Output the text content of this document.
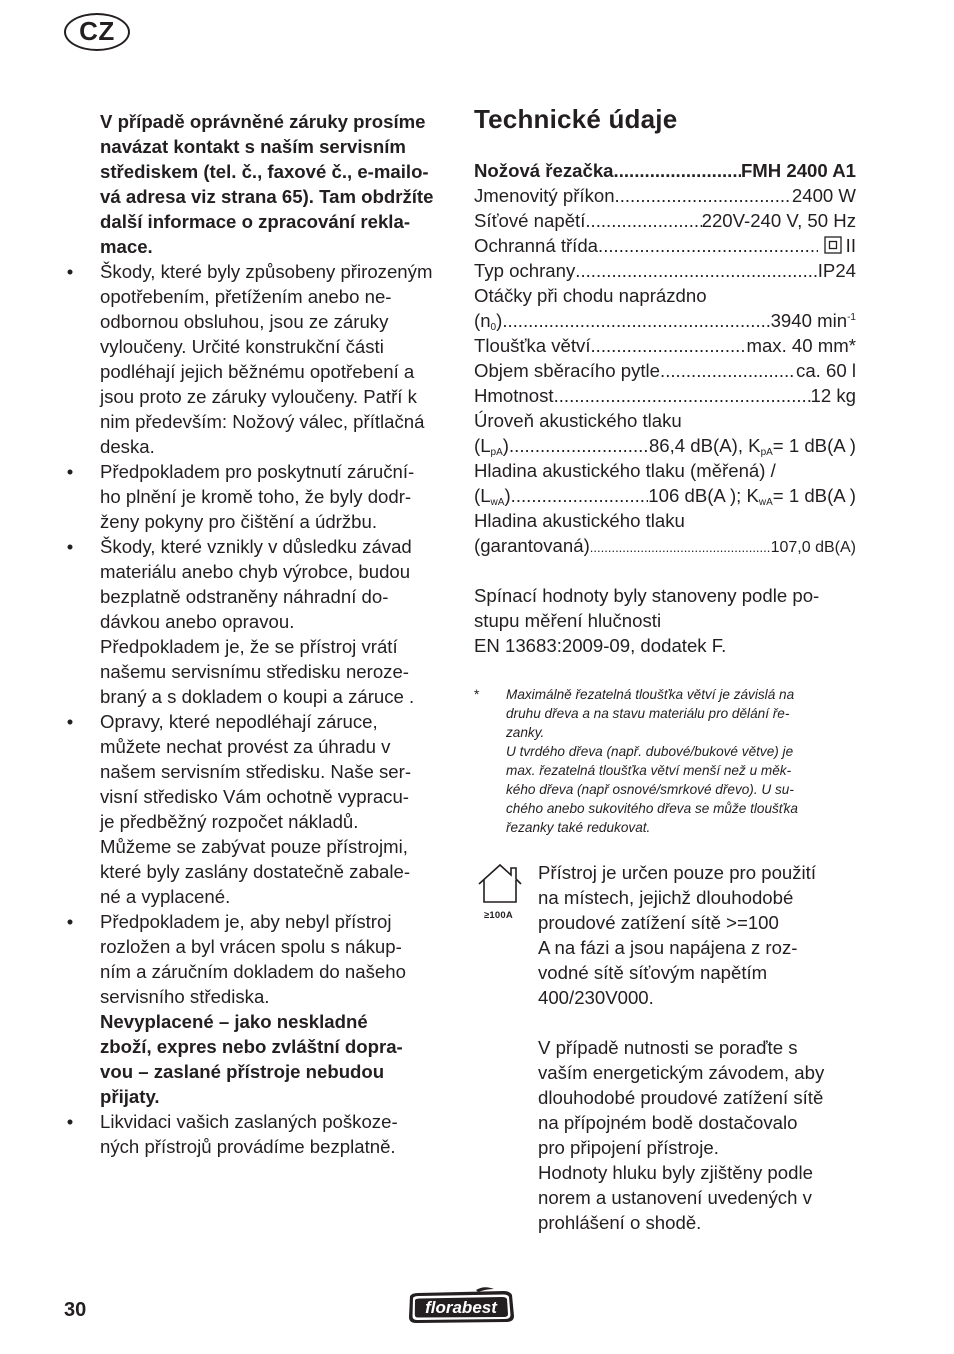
CZ
V případě oprávněné záruky prosíme
navázat kontakt s naším servisním
střediskem (tel. č., faxové č., e-mailo-
vá adresa viz strana 65). Tam obdržíte
další informace o zpracování rekla-
mace.
• Škody, které byly způsobeny přirozeným
opotřebením, přetížením anebo ne-
odbornou obsluhou, jsou ze záruky
vyloučeny. Určité konstrukční části
podléhají jejich běžnému opotřebení a
jsou proto ze záruky vyloučeny. Patří k
nim především: Nožový válec, přítlačná
deska.
• Předpokladem pro poskytnutí záruční-
ho plnění je kromě toho, že byly dodr-
ženy pokyny pro čištění a údržbu.
• Škody, které vznikly v důsledku závad
materiálu anebo chyb výrobce, budou
bezplatně odstraněny náhradní do-
dávkou anebo opravou.
Předpokladem je, že se přístroj vrátí
našemu servisnímu středisku neroze-
braný a s dokladem o koupi a záruce .
• Opravy, které nepodléhají záruce,
můžete nechat provést za úhradu v
našem servisním středisku. Naše ser-
visní středisko Vám ochotně vypracu-
je předběžný rozpočet nákladů.
Můžeme se zabývat pouze přístrojmi,
které byly zaslány dostatečně zabale-
né a vyplacené.
• Předpokladem je, aby nebyl přístroj
rozložen a byl vrácen spolu s nákup-
ním a záručním dokladem do našeho
servisního střediska.
Nevyplacené – jako neskladné
zboží, expres nebo zvláštní dopra-
vou – zaslané přístroje nebudou
přijaty.
• Likvidaci vašich zaslaných poškoze-
ných přístrojů provádíme bezplatně.
Technické údaje
Nožová řezačka .....	FMH 2400 A1
Jmenovitý příkon .....	2400 W
Síťové napětí .....	220V-240 V, 50 Hz
Ochranná třída .....	II
Typ ochrany .....	IP24
Otáčky při chodu naprázdno
$(n_0)$ .....	3940 $\min^{-1}$
Tloušťka větví .....	max. 40 mm*
Objem sběracího pytle .....	ca. 60 l
Hmotnost .....	12 kg
Úroveň akustického tlaku
$(L_{pA})$ .....	86,4 dB(A), $K_{pA}= 1$ dB(A )
Hladina akustického tlaku (měřená) /
$(L_{wA})$ .....	106 dB(A ); $K_{wA}= 1$ dB(A )
Hladina akustického tlaku
(garantovaná) .....	107,0 dB(A)
Spínací hodnoty byly stanoveny podle po-
stupu měření hlučnosti
EN 13683:2009-09, dodatek F.
* Maximálně řezatelná tloušťka větví je závislá na
druhu dřeva a na stavu materiálu pro dělání ře-
zanky.
U tvrdého dřeva (např. dubové/bukové větve) je
max. řezatelná tloušťka větví menší než u měk-
kého dřeva (např osnové/smrkové dřevo). U su-
chého anebo sukovitého dřeva se může tloušťka
řezanky také redukovat.
≥100A
Přístroj je určen pouze pro použití
na místech, jejichž dlouhodobé
proudové zatížení sítě >=100
A na fázi a jsou napájena z roz-
vodné sítě síťovým napětím
400/230V000.
V případě nutnosti se poraďte s
vaším energetickým závodem, aby
dlouhodobé proudové zatížení sítě
na přípojném bodě dostačovalo
pro připojení přístroje.
Hodnoty hluku byly zjištěny podle
norem a ustanovení uvedených v
prohlášení o shodě.
30	florabest
